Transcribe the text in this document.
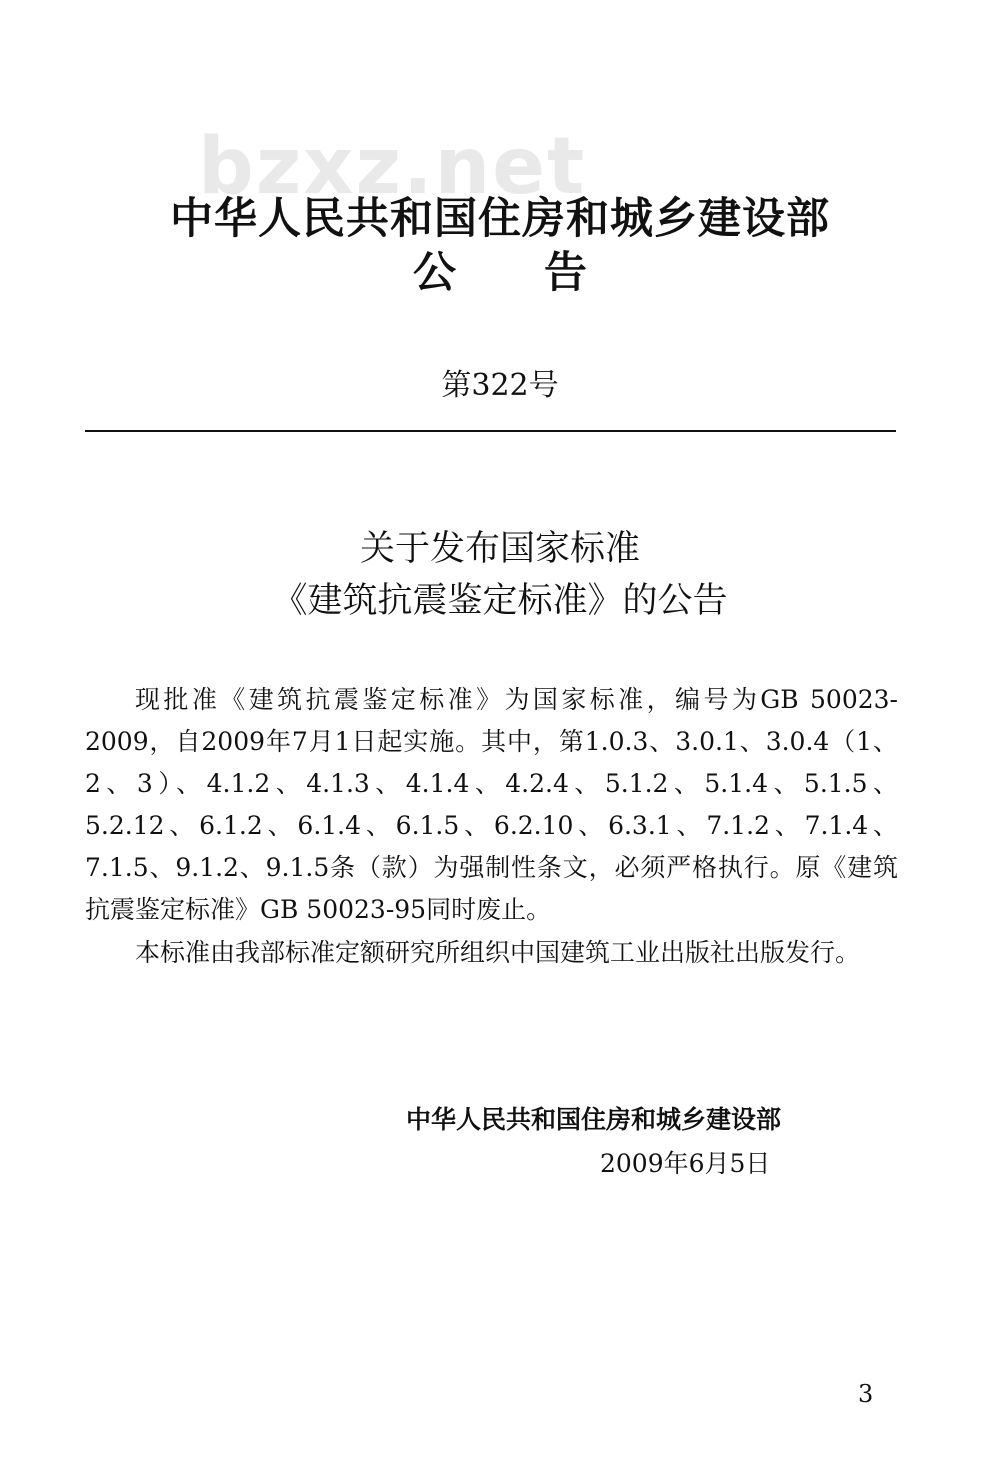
bzxz.net
中华人民共和国住房和城乡建设部
公 告
第322号
关于发布国家标准
《建筑抗震鉴定标准》的公告

现批准《建筑抗震鉴定标准》为国家标准，编号为GB 50023-2009，自2009年7月1日起实施。其中，第1.0.3、3.0.1、3.0.4（1、2、3）、4.1.2、4.1.3、4.1.4、4.2.4、5.1.2、5.1.4、5.1.5、5.2.12、6.1.2、6.1.4、6.1.5、6.2.10、6.3.1、7.1.2、7.1.4、7.1.5、9.1.2、9.1.5条（款）为强制性条文，必须严格执行。原《建筑抗震鉴定标准》GB 50023-95同时废止。

本标准由我部标准定额研究所组织中国建筑工业出版社出版发行。

中华人民共和国住房和城乡建设部
2009年6月5日
3
